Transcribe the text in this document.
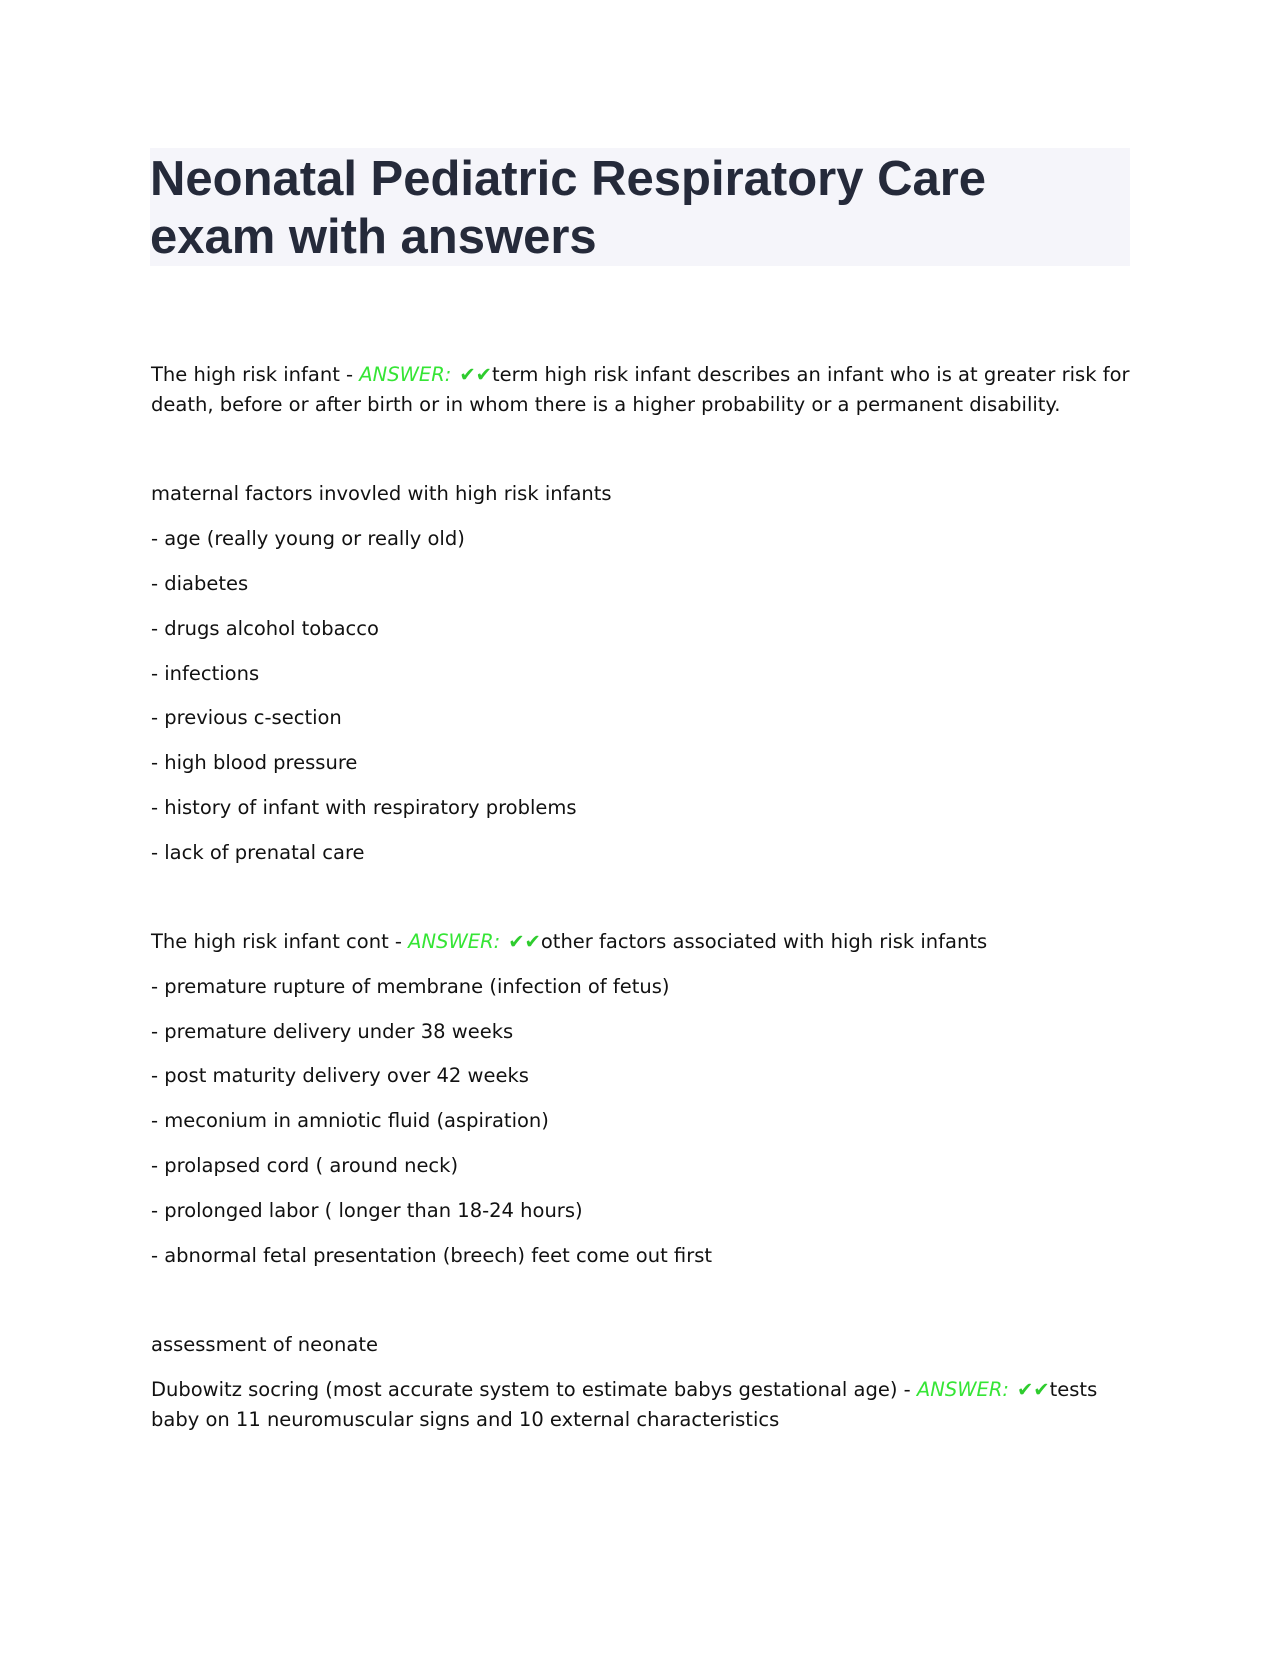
Neonatal Pediatric Respiratory Care exam with answers
The high risk infant - ANSWER: ✔✔term high risk infant describes an infant who is at greater risk for death, before or after birth or in whom there is a higher probability or a permanent disability.
maternal factors invovled with high risk infants
- age (really young or really old)
- diabetes
- drugs alcohol tobacco
- infections
- previous c-section
- high blood pressure
- history of infant with respiratory problems
- lack of prenatal care
The high risk infant cont - ANSWER: ✔✔other factors associated with high risk infants
- premature rupture of membrane (infection of fetus)
- premature delivery under 38 weeks
- post maturity delivery over 42 weeks
- meconium in amniotic fluid (aspiration)
- prolapsed cord ( around neck)
- prolonged labor ( longer than 18-24 hours)
- abnormal fetal presentation (breech) feet come out first
assessment of neonate
Dubowitz socring (most accurate system to estimate babys gestational age) - ANSWER: ✔✔tests baby on 11 neuromuscular signs and 10 external characteristics
